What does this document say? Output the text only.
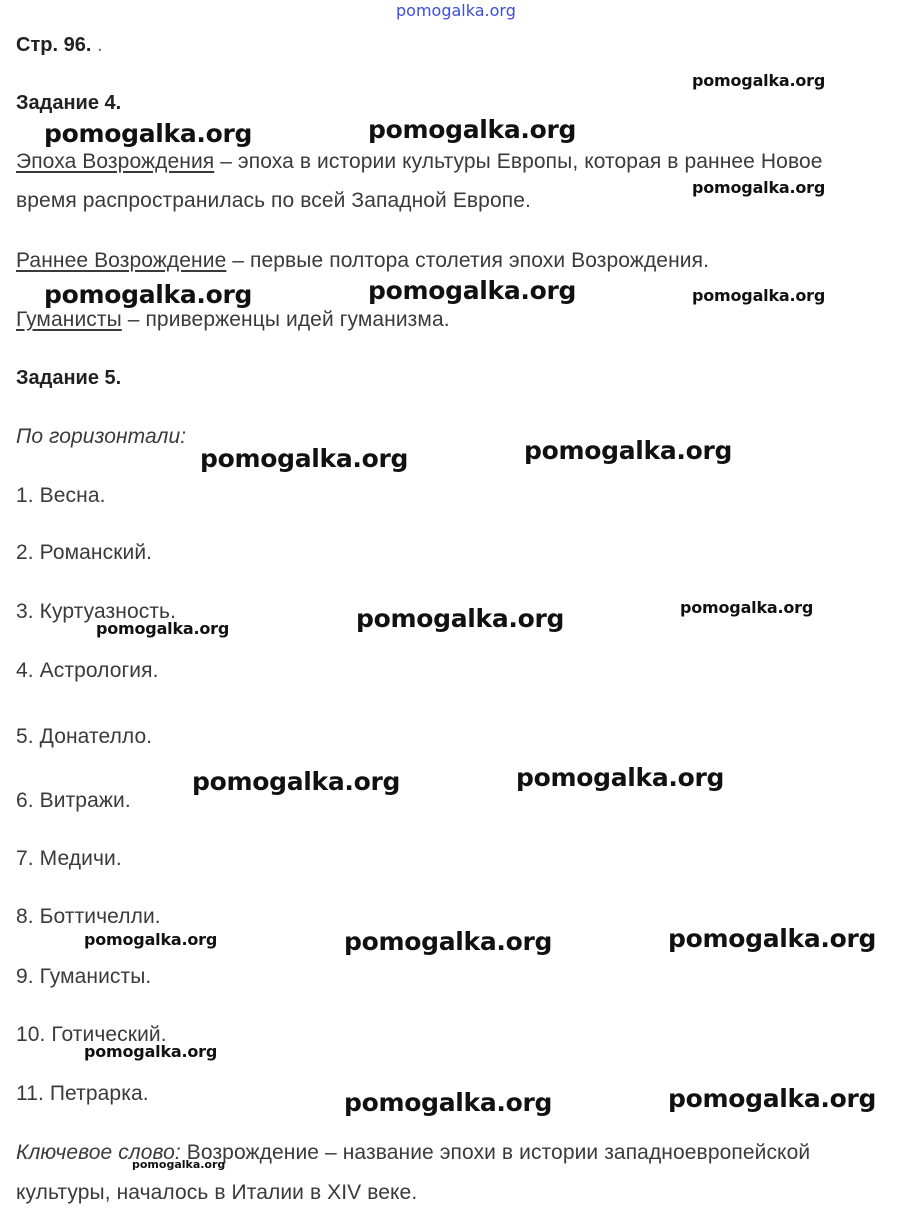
pomogalka.org
Стр. 96. .
Задание 4.
Эпоха Возрождения – эпоха в истории культуры Европы, которая в раннее Новое
время распространилась по всей Западной Европе.
Раннее Возрождение – первые полтора столетия эпохи Возрождения.
Гуманисты – приверженцы идей гуманизма.
Задание 5.
По горизонтали:
1. Весна.
2. Романский.
3. Куртуазность.
4. Астрология.
5. Донателло.
6. Витражи.
7. Медичи.
8. Боттичелли.
9. Гуманисты.
10. Готический.
11. Петрарка.
Ключевое слово: Возрождение – название эпохи в истории западноевропейской
культуры, началось в Италии в XIV веке.
pomogalka.org
pomogalka.org	pomogalka.org
pomogalka.org
pomogalka.org	pomogalka.org	pomogalka.org
pomogalka.org	pomogalka.org
pomogalka.org
pomogalka.org	pomogalka.org
pomogalka.org	pomogalka.org
pomogalka.org	pomogalka.org	pomogalka.org
pomogalka.org
pomogalka.org	pomogalka.org
pomogalka.org
